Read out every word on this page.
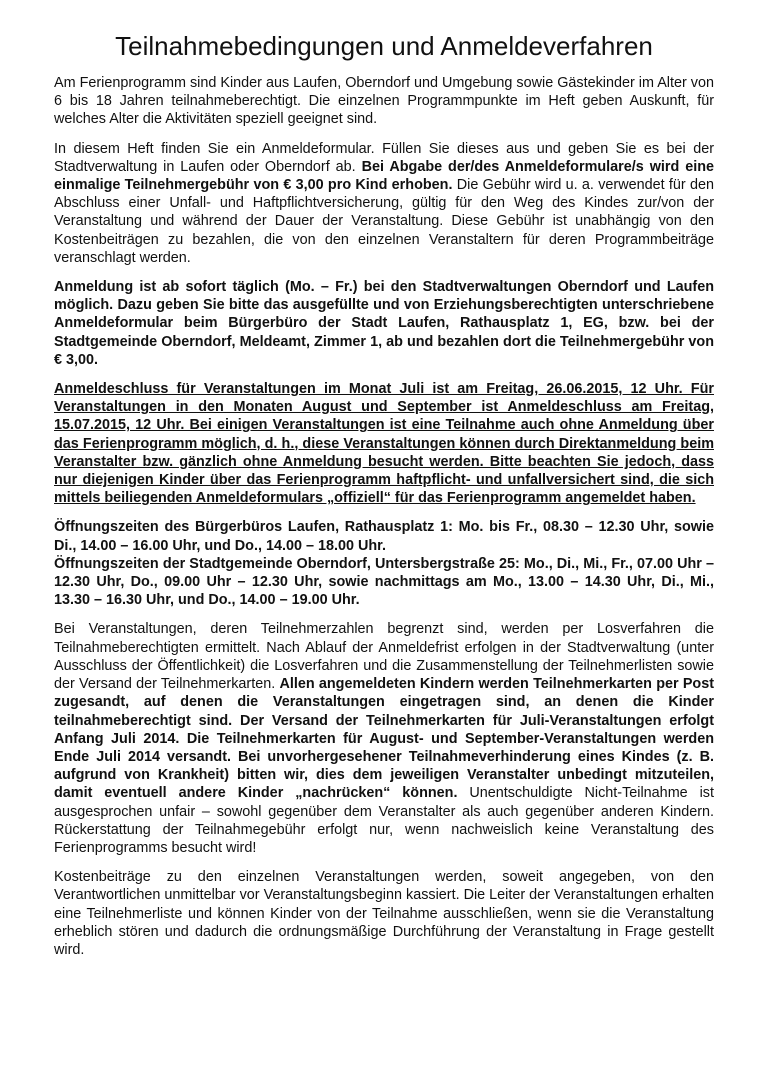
Teilnahmebedingungen und Anmeldeverfahren

Am Ferienprogramm sind Kinder aus Laufen, Oberndorf und Umgebung sowie Gästekinder im Alter von 6 bis 18 Jahren teilnahmeberechtigt. Die einzelnen Programmpunkte im Heft geben Auskunft, für welches Alter die Aktivitäten speziell geeignet sind.

In diesem Heft finden Sie ein Anmeldeformular. Füllen Sie dieses aus und geben Sie es bei der Stadtverwaltung in Laufen oder Oberndorf ab. Bei Abgabe der/des Anmeldeformulare/s wird eine einmalige Teilnehmergebühr von € 3,00 pro Kind erhoben. Die Gebühr wird u. a. verwendet für den Abschluss einer Unfall- und Haftpflichtversicherung, gültig für den Weg des Kindes zur/von der Veranstaltung und während der Dauer der Veranstaltung. Diese Gebühr ist unabhängig von den Kostenbeiträgen zu bezahlen, die von den einzelnen Veranstaltern für deren Programmbeiträge veranschlagt werden.

Anmeldung ist ab sofort täglich (Mo. – Fr.) bei den Stadtverwaltungen Oberndorf und Laufen möglich. Dazu geben Sie bitte das ausgefüllte und von Erziehungsberechtigten unterschriebene Anmeldeformular beim Bürgerbüro der Stadt Laufen, Rathausplatz 1, EG, bzw. bei der Stadtgemeinde Oberndorf, Meldeamt, Zimmer 1, ab und bezahlen dort die Teilnehmergebühr von € 3,00.

Anmeldeschluss für Veranstaltungen im Monat Juli ist am Freitag, 26.06.2015, 12 Uhr. Für Veranstaltungen in den Monaten August und September ist Anmeldeschluss am Freitag, 15.07.2015, 12 Uhr. Bei einigen Veranstaltungen ist eine Teilnahme auch ohne Anmeldung über das Ferienprogramm möglich, d. h., diese Veranstaltungen können durch Direktanmeldung beim Veranstalter bzw. gänzlich ohne Anmeldung besucht werden. Bitte beachten Sie jedoch, dass nur diejenigen Kinder über das Ferienprogramm haftpflicht- und unfallversichert sind, die sich mittels beiliegenden Anmeldeformulars „offiziell“ für das Ferienprogramm angemeldet haben.

Öffnungszeiten des Bürgerbüros Laufen, Rathausplatz 1: Mo. bis Fr., 08.30 – 12.30 Uhr, sowie Di., 14.00 – 16.00 Uhr, und Do., 14.00 – 18.00 Uhr.

Öffnungszeiten der Stadtgemeinde Oberndorf, Untersbergstraße 25: Mo., Di., Mi., Fr., 07.00 Uhr – 12.30 Uhr, Do., 09.00 Uhr – 12.30 Uhr, sowie nachmittags am Mo., 13.00 – 14.30 Uhr, Di., Mi., 13.30 – 16.30 Uhr, und Do., 14.00 – 19.00 Uhr.

Bei Veranstaltungen, deren Teilnehmerzahlen begrenzt sind, werden per Losverfahren die Teilnahmeberechtigten ermittelt. Nach Ablauf der Anmeldefrist erfolgen in der Stadtverwaltung (unter Ausschluss der Öffentlichkeit) die Losverfahren und die Zusammenstellung der Teilnehmerlisten sowie der Versand der Teilnehmerkarten. Allen angemeldeten Kindern werden Teilnehmerkarten per Post zugesandt, auf denen die Veranstaltungen eingetragen sind, an denen die Kinder teilnahmeberechtigt sind. Der Versand der Teilnehmerkarten für Juli-Veranstaltungen erfolgt Anfang Juli 2014. Die Teilnehmerkarten für August- und September-Veranstaltungen werden Ende Juli 2014 versandt. Bei unvorhergesehener Teilnahmeverhinderung eines Kindes (z. B. aufgrund von Krankheit) bitten wir, dies dem jeweiligen Veranstalter unbedingt mitzuteilen, damit eventuell andere Kinder „nachrücken“ können. Unentschuldigte Nicht-Teilnahme ist ausgesprochen unfair – sowohl gegenüber dem Veranstalter als auch gegenüber anderen Kindern. Rückerstattung der Teilnahmegebühr erfolgt nur, wenn nachweislich keine Veranstaltung des Ferienprogramms besucht wird!

Kostenbeiträge zu den einzelnen Veranstaltungen werden, soweit angegeben, von den Verantwortlichen unmittelbar vor Veranstaltungsbeginn kassiert. Die Leiter der Veranstaltungen erhalten eine Teilnehmerliste und können Kinder von der Teilnahme ausschließen, wenn sie die Veranstaltung erheblich stören und dadurch die ordnungsmäßige Durchführung der Veranstaltung in Frage gestellt wird.
